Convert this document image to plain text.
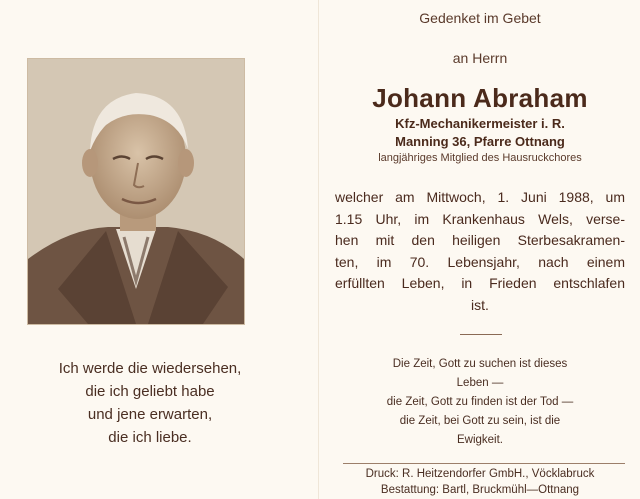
Ich werde die wiedersehen,
die ich geliebt habe
und jene erwarten,
die ich liebe.
Gedenket im Gebet
an Herrn
Johann Abraham
Kfz-Mechanikermeister i. R.
Manning 36, Pfarre Ottnang
langjähriges Mitglied des Hausruckchores
welcher am Mittwoch, 1. Juni 1988, um
1.15 Uhr, im Krankenhaus Wels, verse-
hen mit den heiligen Sterbesakramen-
ten, im 70. Lebensjahr, nach einem
erfüllten Leben, in Frieden entschlafen
ist.
Die Zeit, Gott zu suchen ist dieses
Leben —
die Zeit, Gott zu finden ist der Tod —
die Zeit, bei Gott zu sein, ist die
Ewigkeit.
Druck: R. Heitzendorfer GmbH., Vöcklabruck
Bestattung: Bartl, Bruckmühl—Ottnang
